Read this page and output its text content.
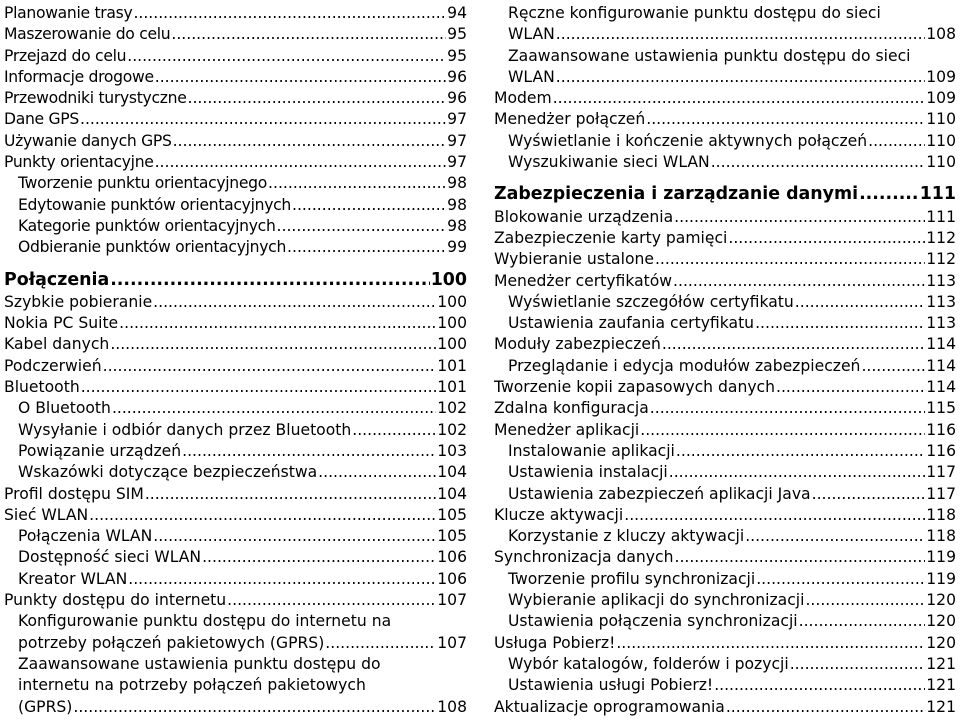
Planowanie trasy .....	94
Maszerowanie do celu .....	95
Przejazd do celu .....	95
Informacje drogowe .....	96
Przewodniki turystyczne .....	96
Dane GPS .....	97
Używanie danych GPS .....	97
Punkty orientacyjne .....	97
Tworzenie punktu orientacyjnego .....	98
Edytowanie punktów orientacyjnych .....	98
Kategorie punktów orientacyjnych .....	98
Odbieranie punktów orientacyjnych .....	99
Połączenia .....	100
Szybkie pobieranie .....	100
Nokia PC Suite .....	100
Kabel danych .....	100
Podczerwień .....	101
Bluetooth .....	101
O Bluetooth .....	102
Wysyłanie i odbiór danych przez Bluetooth .....	102
Powiązanie urządzeń .....	103
Wskazówki dotyczące bezpieczeństwa .....	104
Profil dostępu SIM .....	104
Sieć WLAN .....	105
Połączenia WLAN .....	105
Dostępność sieci WLAN .....	106
Kreator WLAN .....	106
Punkty dostępu do internetu .....	107
Konfigurowanie punktu dostępu do internetu na
potrzeby połączeń pakietowych (GPRS) .....	107
Zaawansowane ustawienia punktu dostępu do
internetu na potrzeby połączeń pakietowych
(GPRS) .....	108
Ręczne konfigurowanie punktu dostępu do sieci
WLAN .....	108
Zaawansowane ustawienia punktu dostępu do sieci
WLAN .....	109
Modem .....	109
Menedżer połączeń .....	110
Wyświetlanie i kończenie aktywnych połączeń .....	110
Wyszukiwanie sieci WLAN .....	110
Zabezpieczenia i zarządzanie danymi .....	111
Blokowanie urządzenia .....	111
Zabezpieczenie karty pamięci .....	112
Wybieranie ustalone .....	112
Menedżer certyfikatów .....	113
Wyświetlanie szczegółów certyfikatu .....	113
Ustawienia zaufania certyfikatu .....	113
Moduły zabezpieczeń .....	114
Przeglądanie i edycja modułów zabezpieczeń .....	114
Tworzenie kopii zapasowych danych .....	114
Zdalna konfiguracja .....	115
Menedżer aplikacji .....	116
Instalowanie aplikacji .....	116
Ustawienia instalacji .....	117
Ustawienia zabezpieczeń aplikacji Java .....	117
Klucze aktywacji .....	118
Korzystanie z kluczy aktywacji .....	118
Synchronizacja danych .....	119
Tworzenie profilu synchronizacji .....	119
Wybieranie aplikacji do synchronizacji .....	120
Ustawienia połączenia synchronizacji .....	120
Usługa Pobierz! .....	120
Wybór katalogów, folderów i pozycji .....	121
Ustawienia usługi Pobierz! .....	121
Aktualizacje oprogramowania .....	121
